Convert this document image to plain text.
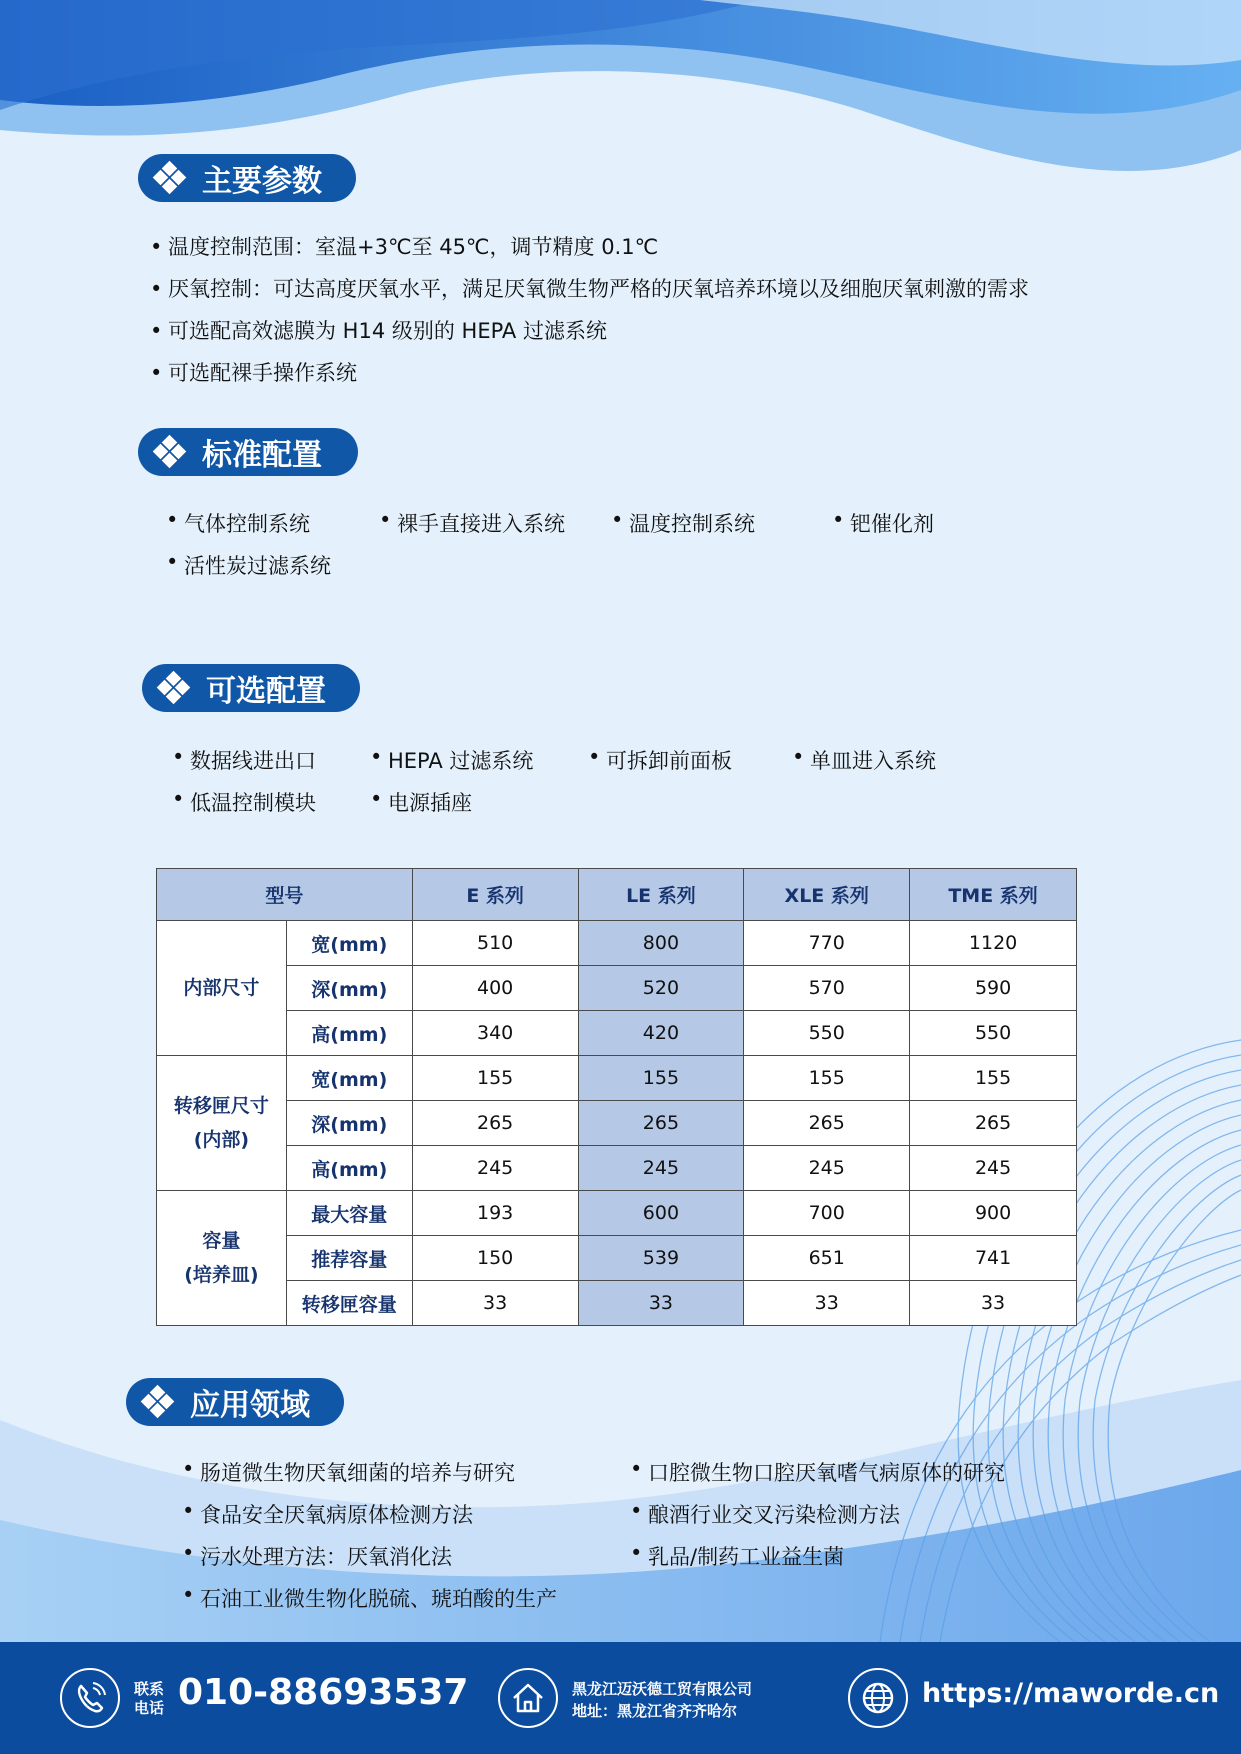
主要参数
• 温度控制范围：室温+3℃至 45℃，调节精度 0.1℃
• 厌氧控制：可达高度厌氧水平，满足厌氧微生物严格的厌氧培养环境以及细胞厌氧刺激的需求
• 可选配高效滤膜为 H14 级别的 HEPA 过滤系统
• 可选配裸手操作系统
标准配置
• 气体控制系统	• 裸手直接进入系统	• 温度控制系统	• 钯催化剂
• 活性炭过滤系统
可选配置
• 数据线进出口	• HEPA 过滤系统	• 可拆卸前面板	• 单皿进入系统
• 低温控制模块	• 电源插座
型号		E 系列	LE 系列	XLE 系列	TME 系列

内部尺寸	宽(mm)	510	800	770	1120
	深(mm)	400	520	570	590
	高(mm)	340	420	550	550

转移匣尺寸
(内部)	宽(mm)	155	155	155	155
	深(mm)	265	265	265	265
	高(mm)	245	245	245	245

容量
(培养皿)	最大容量	193	600	700	900
	推荐容量	150	539	651	741
	转移匣容量	33	33	33	33
应用领域
• 肠道微生物厌氧细菌的培养与研究	• 口腔微生物口腔厌氧嗜气病原体的研究
• 食品安全厌氧病原体检测方法	• 酿酒行业交叉污染检测方法
• 污水处理方法：厌氧消化法	• 乳品/制药工业益生菌
• 石油工业微生物化脱硫、琥珀酸的生产
联系
电话 010-88693537	黑龙江迈沃德工贸有限公司
地址：黑龙江省齐齐哈尔
https://maworde.cn
